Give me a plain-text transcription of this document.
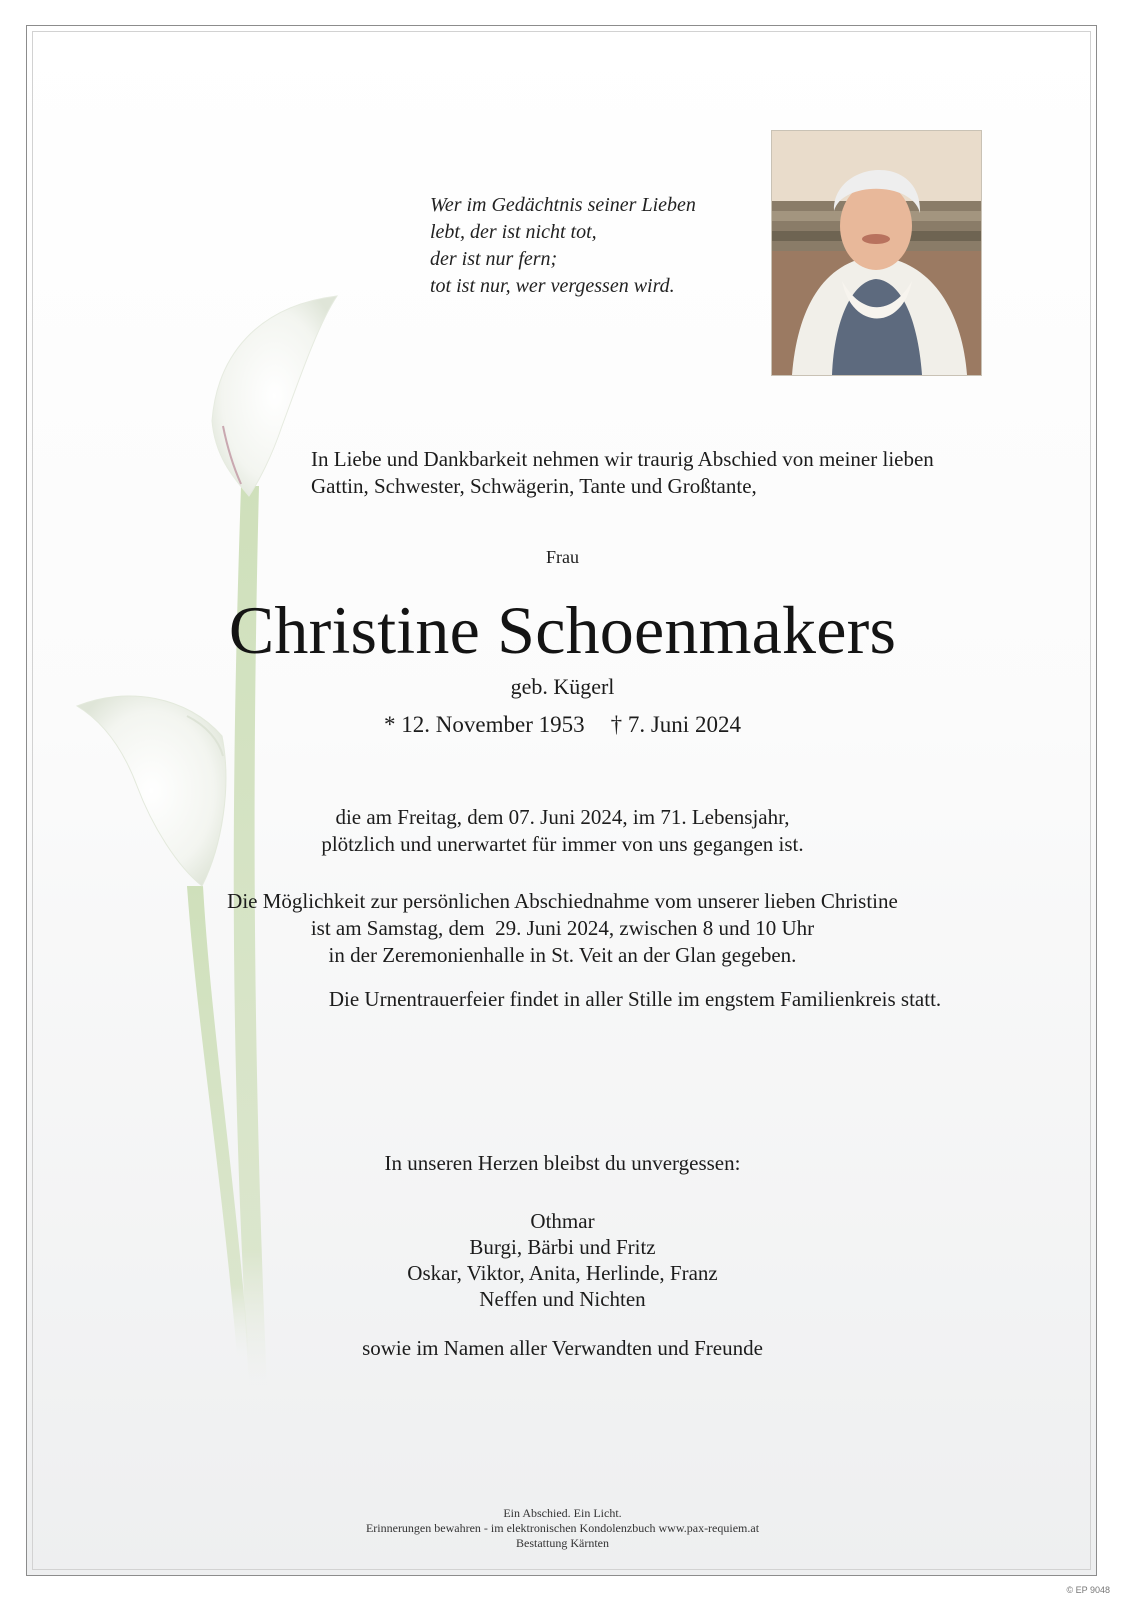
Wer im Gedächtnis seiner Lieben
lebt, der ist nicht tot,
der ist nur fern;
tot ist nur, wer vergessen wird.
In Liebe und Dankbarkeit nehmen wir traurig Abschied von meiner lieben
Gattin, Schwester, Schwägerin, Tante und Großtante,
Frau
Christine Schoenmakers
geb. Kügerl
* 12. November 1953 † 7. Juni 2024
die am Freitag, dem 07. Juni 2024, im 71. Lebensjahr,
plötzlich und unerwartet für immer von uns gegangen ist.
Die Möglichkeit zur persönlichen Abschiednahme vom unserer lieben Christine
ist am Samstag, dem  29. Juni 2024, zwischen 8 und 10 Uhr
in der Zeremonienhalle in St. Veit an der Glan gegeben.
Die Urnentrauerfeier findet in aller Stille im engstem Familienkreis statt.
In unseren Herzen bleibst du unvergessen:
Othmar
Burgi, Bärbi und Fritz
Oskar, Viktor, Anita, Herlinde, Franz
Neffen und Nichten
sowie im Namen aller Verwandten und Freunde
Ein Abschied. Ein Licht.
Erinnerungen bewahren - im elektronischen Kondolenzbuch www.pax-requiem.at
Bestattung Kärnten
© EP 9048
